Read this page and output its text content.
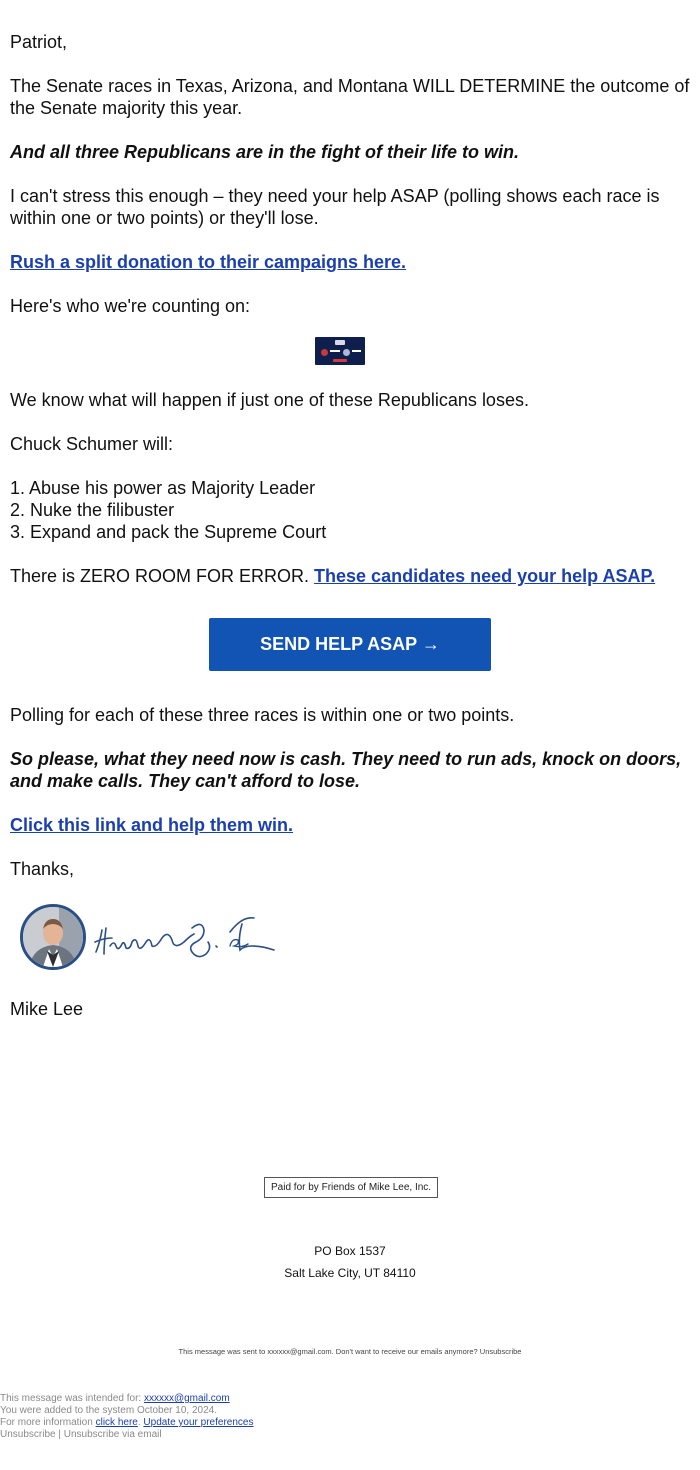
Patriot,

The Senate races in Texas, Arizona, and Montana WILL DETERMINE the outcome of the Senate majority this year.

And all three Republicans are in the fight of their life to win.

I can't stress this enough – they need your help ASAP (polling shows each race is within one or two points) or they'll lose.

Rush a split donation to their campaigns here.

Here's who we're counting on:

We know what will happen if just one of these Republicans loses.

Chuck Schumer will:

1. Abuse his power as Majority Leader

2. Nuke the filibuster

3. Expand and pack the Supreme Court

There is ZERO ROOM FOR ERROR. These candidates need your help ASAP.

Polling for each of these three races is within one or two points.

So please, what they need now is cash. They need to run ads, knock on doors, and make calls. They can't afford to lose.

Click this link and help them win.

Thanks,

Mike Lee

SEND HELP ASAP →
Paid for by Friends of Mike Lee, Inc.
PO Box 1537
Salt Lake City, UT 84110
This message was sent to xxxxxx@gmail.com. Don't want to receive our emails anymore? Unsubscribe
This message was intended for: xxxxxx@gmail.com
You were added to the system October 10, 2024.
For more information click here. Update your preferences
Unsubscribe | Unsubscribe via email
